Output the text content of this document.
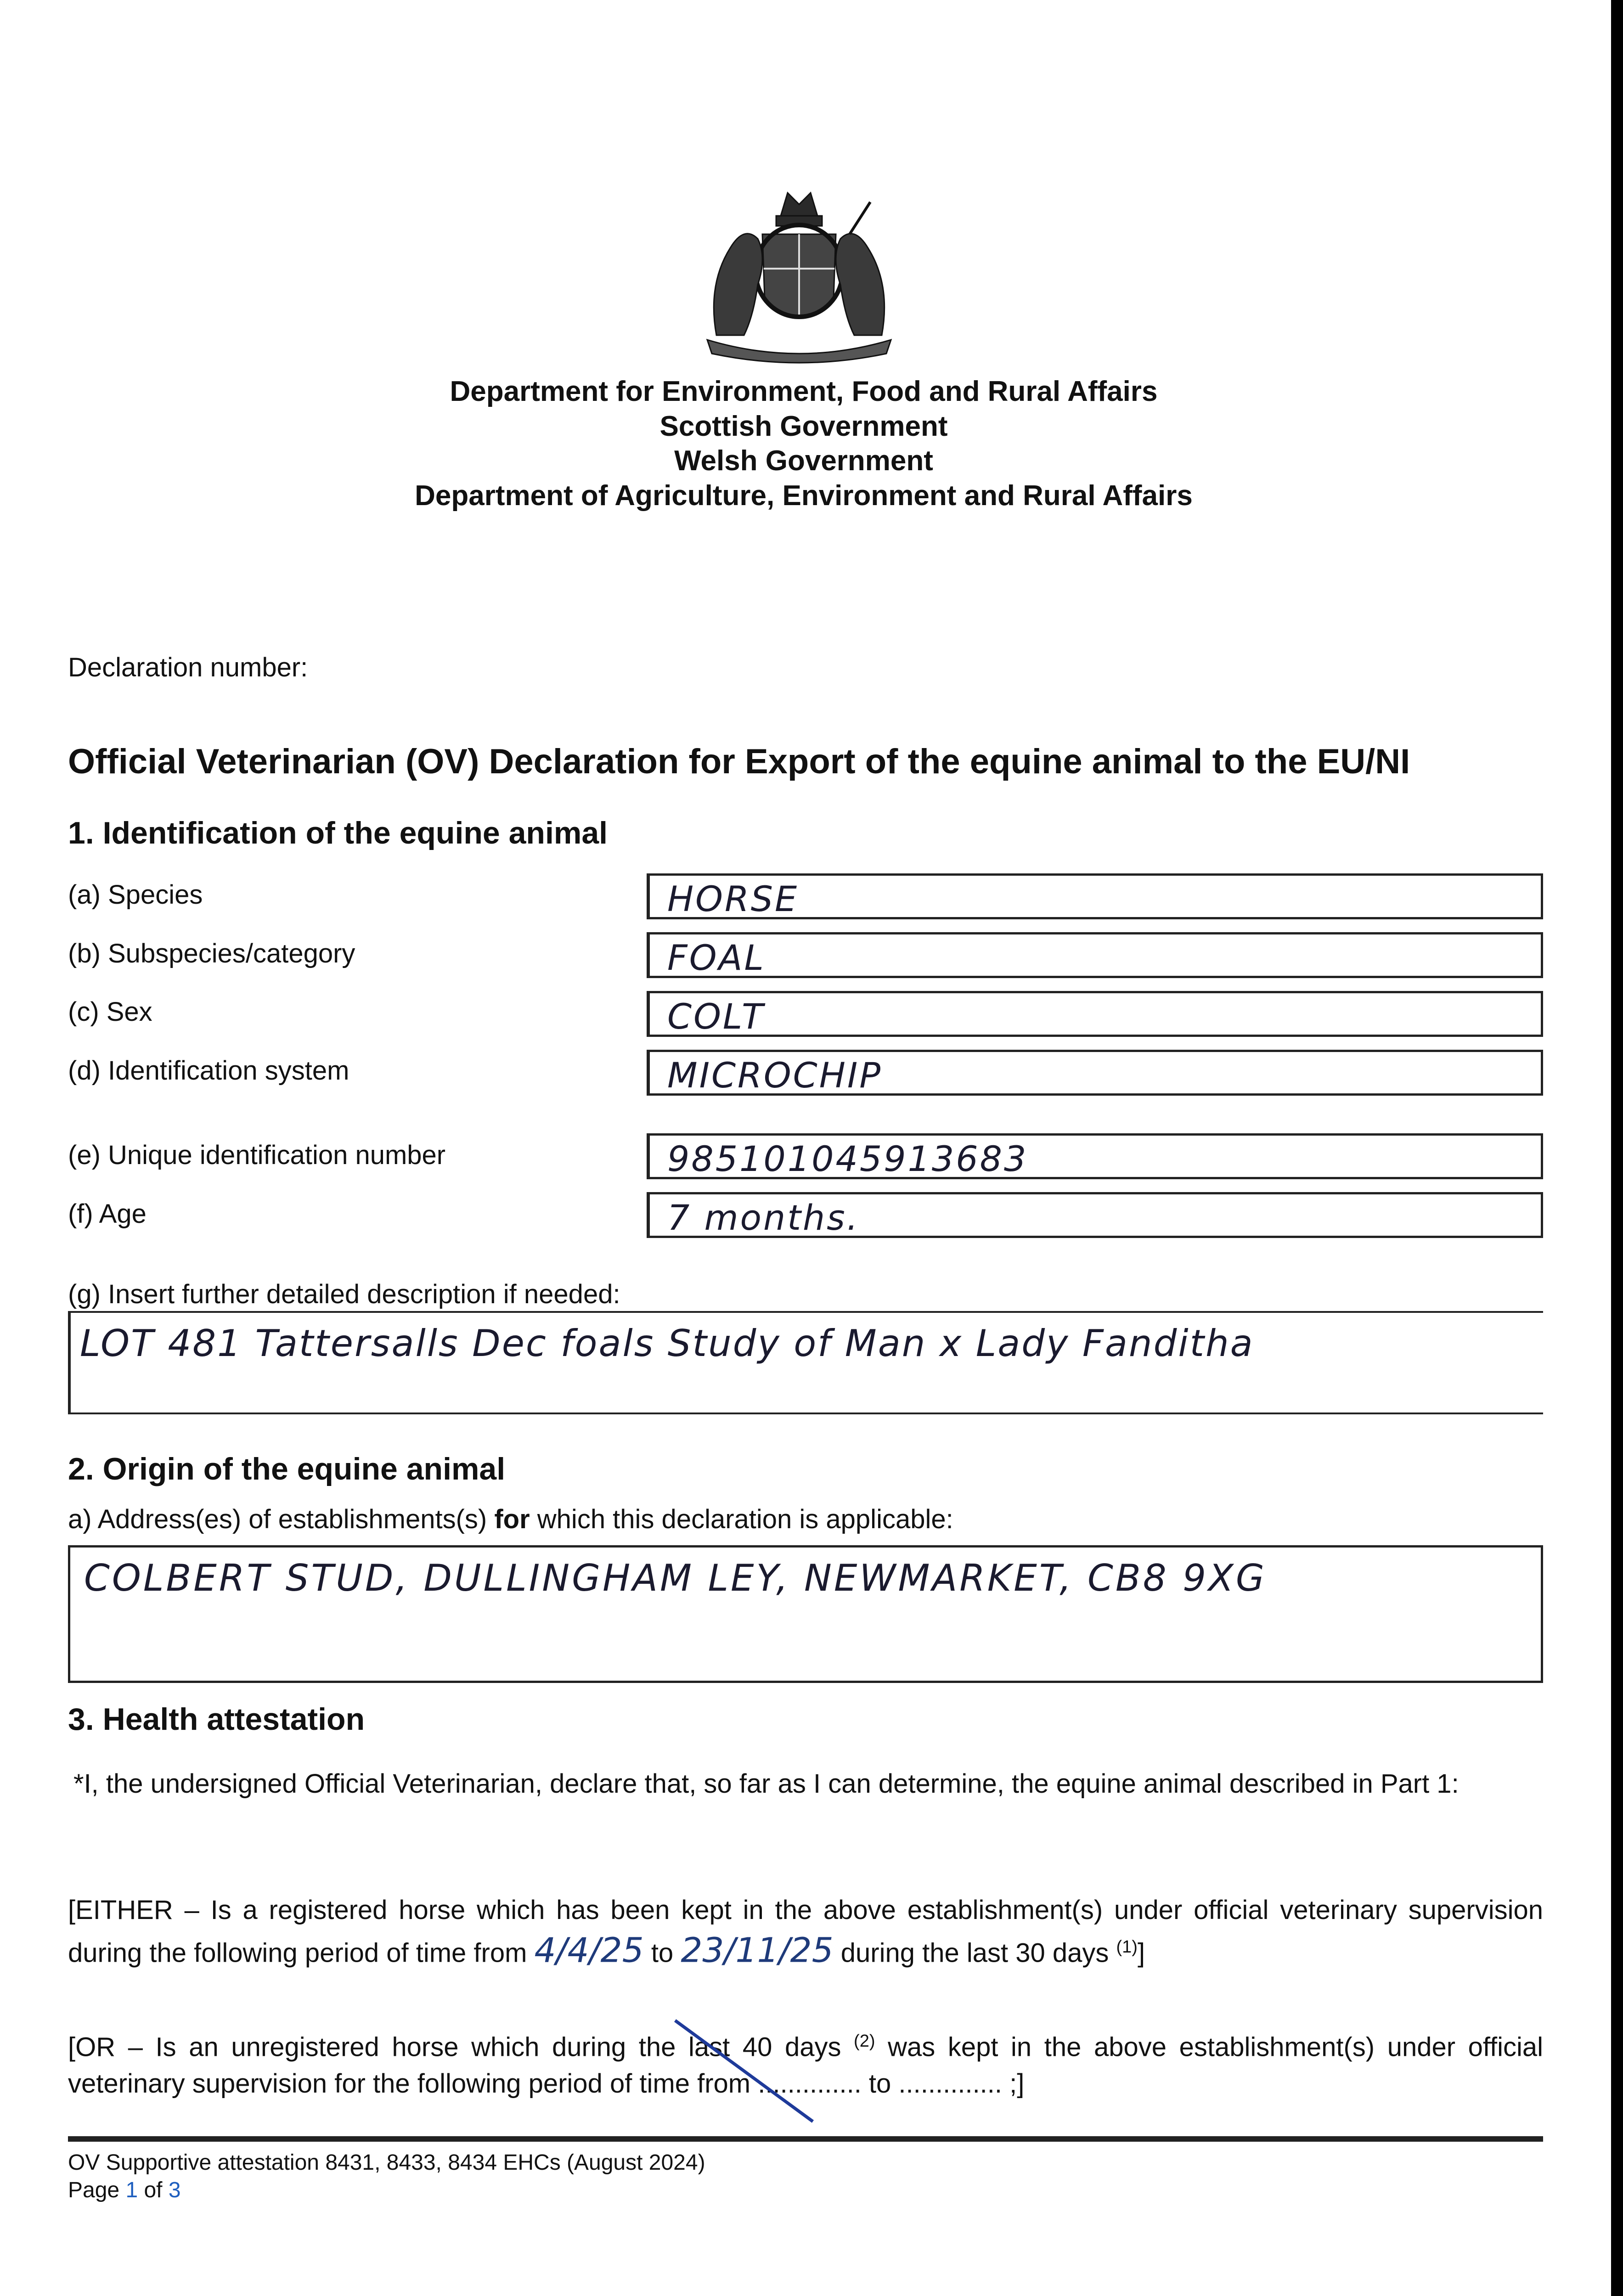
Department for Environment, Food and Rural Affairs
Scottish Government
Welsh Government
Department of Agriculture, Environment and Rural Affairs
Declaration number:
Official Veterinarian (OV) Declaration for Export of the equine animal to the EU/NI
1. Identification of the equine animal
(a) Species	HORSE
(b) Subspecies/category	FOAL
(c) Sex	COLT
(d) Identification system	MICROCHIP
(e) Unique identification number	985101045913683
(f) Age	7 months.
(g) Insert further detailed description if needed:
LOT 481 Tattersalls Dec foals Study of Man x Lady Fanditha
2. Origin of the equine animal
a) Address(es) of establishments(s) for which this declaration is applicable:
COLBERT STUD, DULLINGHAM LEY, NEWMARKET, CB8 9XG
3. Health attestation
*I, the undersigned Official Veterinarian, declare that, so far as I can determine, the equine animal described in Part 1:
[EITHER – Is a registered horse which has been kept in the above establishment(s) under official veterinary supervision during the following period of time from 4/4/25 to 23/11/25 during the last 30 days $^{(1)}$]
[OR – Is an unregistered horse which during the last 40 days $^{(2)}$ was kept in the above establishment(s) under official veterinary supervision for the following period of time from .............. to .............. ;]
OV Supportive attestation 8431, 8433, 8434 EHCs (August 2024)
Page 1 of 3
